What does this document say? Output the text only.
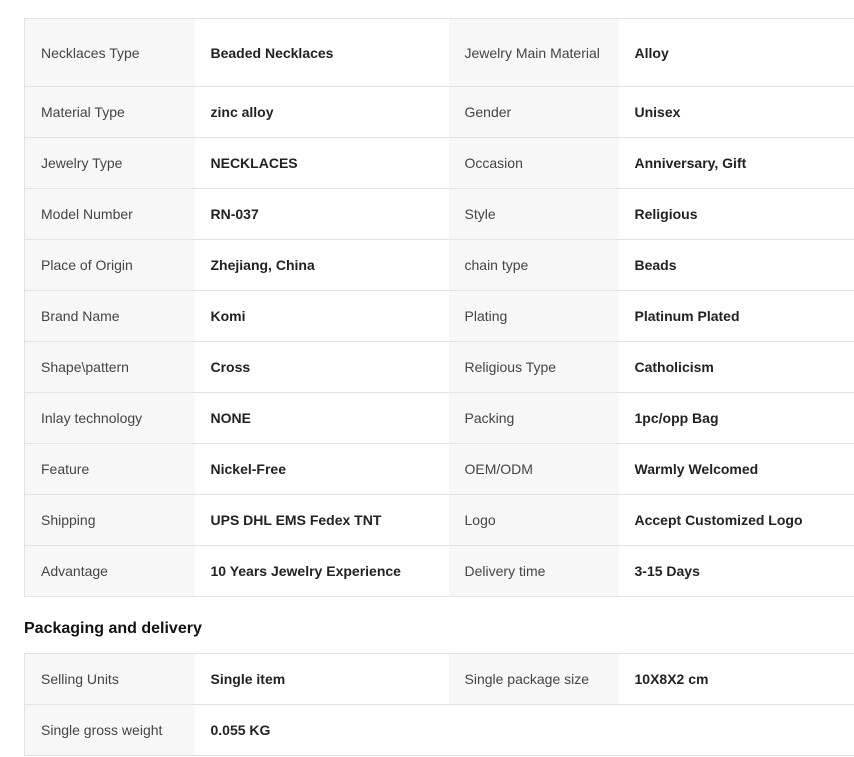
Necklaces Type	Beaded Necklaces	Jewelry Main Material	Alloy
Material Type	zinc alloy	Gender	Unisex
Jewelry Type	NECKLACES	Occasion	Anniversary, Gift
Model Number	RN-037	Style	Religious
Place of Origin	Zhejiang, China	chain type	Beads
Brand Name	Komi	Plating	Platinum Plated
Shape\pattern	Cross	Religious Type	Catholicism
Inlay technology	NONE	Packing	1pc/opp Bag
Feature	Nickel-Free	OEM/ODM	Warmly Welcomed
Shipping	UPS DHL EMS Fedex TNT	Logo	Accept Customized Logo
Advantage	10 Years Jewelry Experience	Delivery time	3-15 Days
Packaging and delivery
Selling Units	Single item	Single package size	10X8X2 cm
Single gross weight	0.055 KG		
